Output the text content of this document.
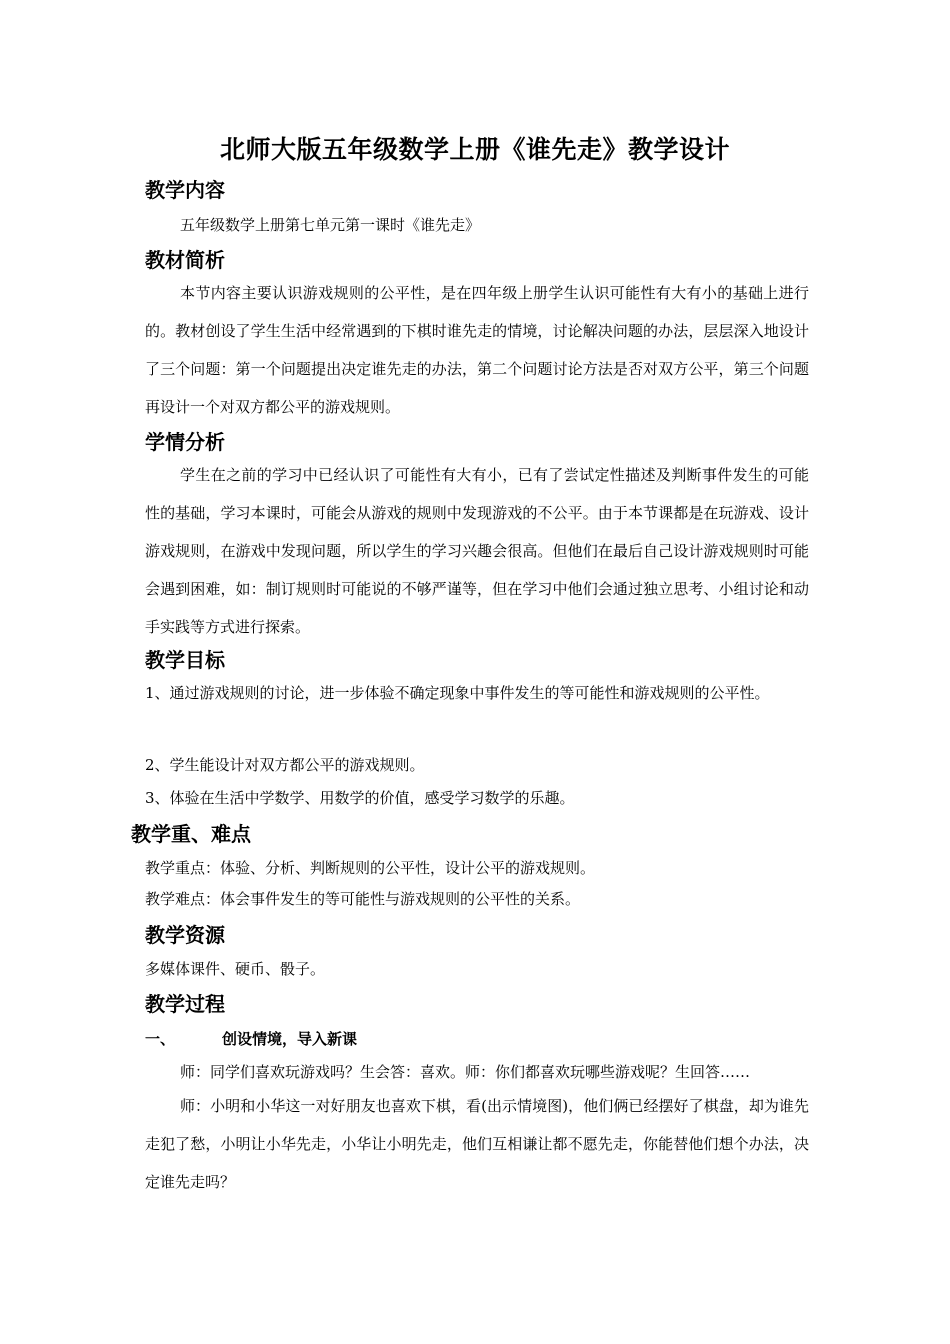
北师大版五年级数学上册《谁先走》教学设计
教学内容
五年级数学上册第七单元第一课时《谁先走》
教材简析
本节内容主要认识游戏规则的公平性，是在四年级上册学生认识可能性有大有小的基础上进行的。教材创设了学生生活中经常遇到的下棋时谁先走的情境，讨论解决问题的办法，层层深入地设计了三个问题：第一个问题提出决定谁先走的办法，第二个问题讨论方法是否对双方公平，第三个问题再设计一个对双方都公平的游戏规则。
学情分析
学生在之前的学习中已经认识了可能性有大有小，已有了尝试定性描述及判断事件发生的可能性的基础，学习本课时，可能会从游戏的规则中发现游戏的不公平。由于本节课都是在玩游戏、设计游戏规则，在游戏中发现问题，所以学生的学习兴趣会很高。但他们在最后自己设计游戏规则时可能会遇到困难，如：制订规则时可能说的不够严谨等，但在学习中他们会通过独立思考、小组讨论和动手实践等方式进行探索。
教学目标
1、通过游戏规则的讨论，进一步体验不确定现象中事件发生的等可能性和游戏规则的公平性。
2、学生能设计对双方都公平的游戏规则。
3、体验在生活中学数学、用数学的价值，感受学习数学的乐趣。
教学重、难点
教学重点：体验、分析、判断规则的公平性，设计公平的游戏规则。
教学难点：体会事件发生的等可能性与游戏规则的公平性的关系。
教学资源
多媒体课件、硬币、骰子。
教学过程
一、	创设情境，导入新课
师：同学们喜欢玩游戏吗？生会答：喜欢。师：你们都喜欢玩哪些游戏呢？生回答……
师：小明和小华这一对好朋友也喜欢下棋，看(出示情境图)，他们俩已经摆好了棋盘，却为谁先走犯了愁，小明让小华先走，小华让小明先走，他们互相谦让都不愿先走，你能替他们想个办法，决定谁先走吗？
